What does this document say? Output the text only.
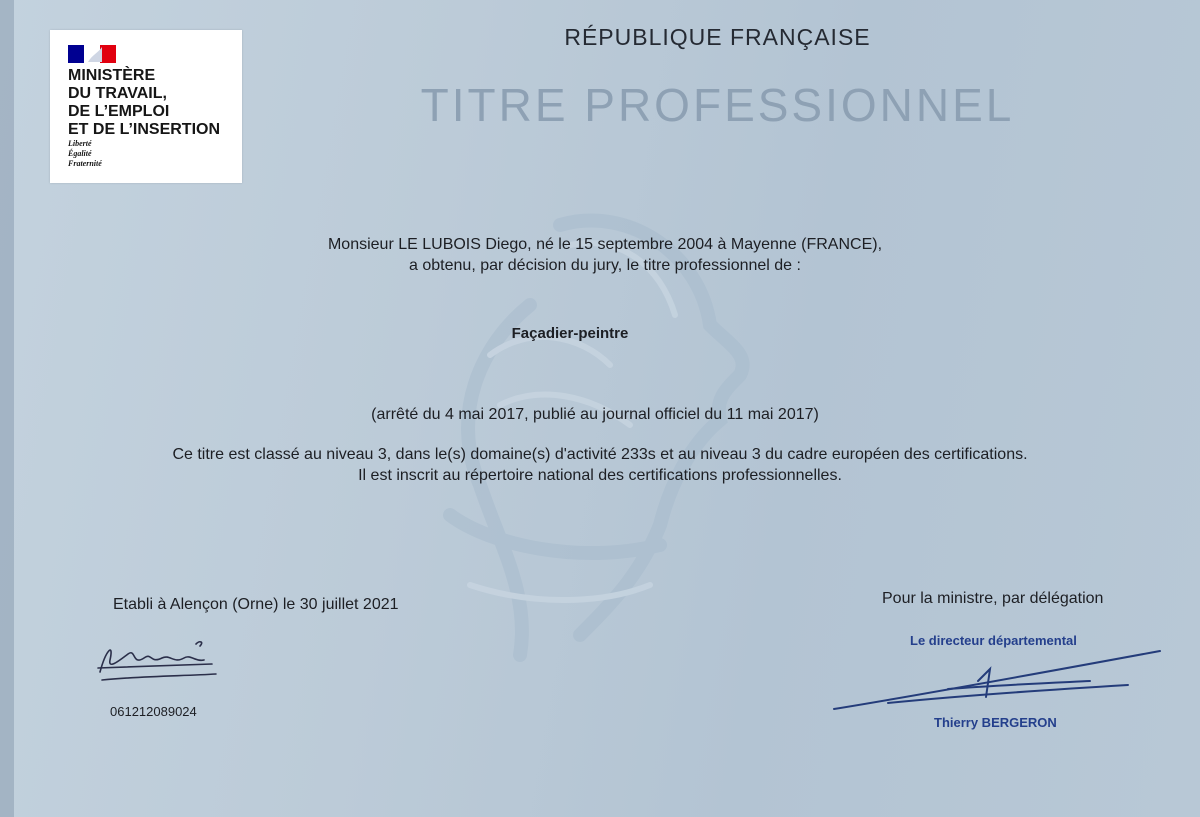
MINISTÈRE
DU TRAVAIL,
DE L’EMPLOI
ET DE L’INSERTION
Liberté
Égalité
Fraternité
RÉPUBLIQUE FRANÇAISE
TITRE PROFESSIONNEL
Monsieur LE LUBOIS Diego, né le 15 septembre 2004 à Mayenne (FRANCE),
a obtenu, par décision du jury, le titre professionnel de :
Façadier-peintre
(arrêté du 4 mai 2017, publié au journal officiel du 11 mai 2017)
Ce titre est classé au niveau 3, dans le(s) domaine(s) d'activité 233s et au niveau 3 du cadre européen des certifications.
Il est inscrit au répertoire national des certifications professionnelles.
Etabli à Alençon (Orne) le 30 juillet 2021
061212089024
Pour la ministre, par délégation
Le directeur départemental
Thierry BERGERON
